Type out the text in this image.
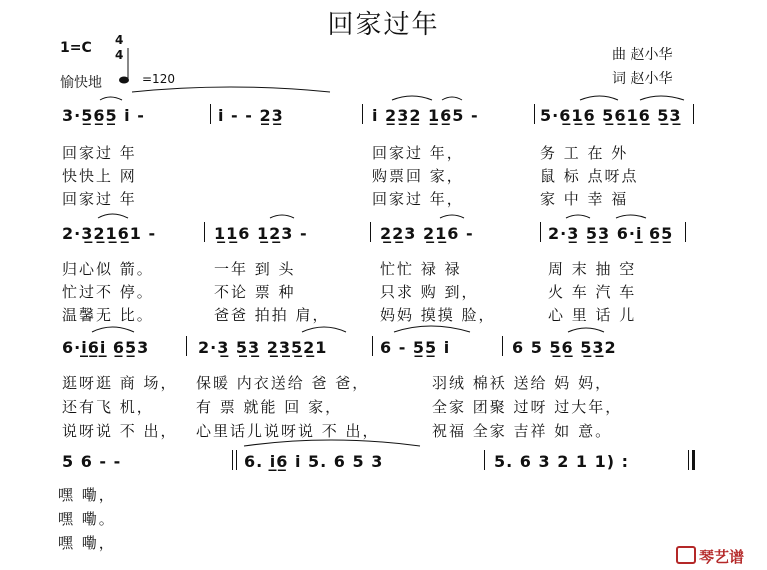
回家过年
1=C 4
4
愉快地	=120
曲 赵小华
词 赵小华
3·5̲6̲5̲ i -	i - - 2̲3̲	i 2̲3̲2̲ 1̲6̲5 -	5·6̲1̲6̲ 5̲6̲1̲6̲ 5̲3̲
回家过 年	回家过 年，	务 工 在 外
快快上 网	购票回 家，	鼠 标 点呀点
回家过 年	回家过 年，	家 中 幸 福
2·3̲2̲1̲6̲1 -	1̲1̲6 1̲2̲3 -	2̲2̲3 2̲1̲6 -	2·3̲ 5̲3̲ 6·i̲ 6̲5̲
归心似 箭。	一年 到 头	忙忙 禄 禄	周 末 抽 空
忙过不 停。	不论 票 种	只求 购 到，	火 车 汽 车
温馨无 比。	爸爸 拍拍 肩，	妈妈 摸摸 脸，	心 里 话 儿
6·i̲6̲i̲ 6̲5̲3	2·3̲ 5̲3̲ 2̲3̲5̲2̲1	6 - 5̲5̲ i	6 5 5̲6̲ 5̲3̲2
逛呀逛 商 场， 保暖 内衣送给 爸 爸，	羽绒 棉袄 送给 妈 妈，
还有飞 机，	有 票 就能 回 家，	全家 团聚 过呀 过大年，
说呀说 不 出， 心里话儿说呀说 不 出，	祝福 全家 吉祥 如 意。
5 6 - -	6. i̲6̲ i 5. 6 5 3	5. 6 3 2 1 1) :
嘿 嘞，
嘿 嘞。
嘿 嘞，
琴艺谱
